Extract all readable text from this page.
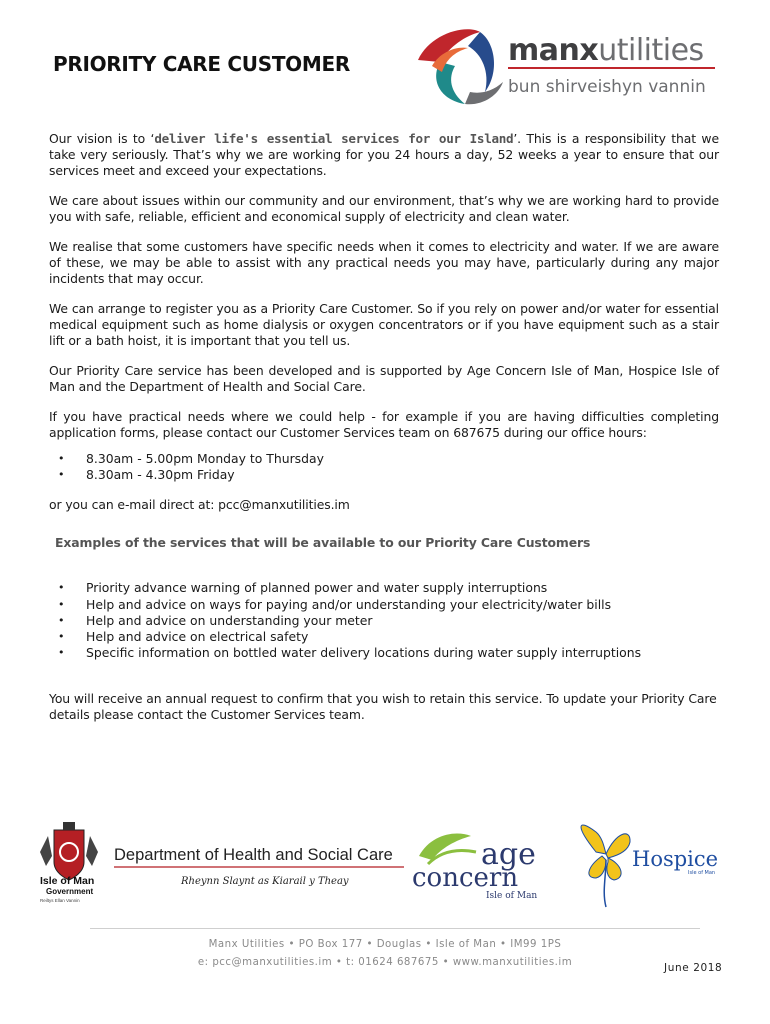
PRIORITY CARE CUSTOMER	manxutilities
bun shirveishyn vannin

Our vision is to ‘deliver life's essential services for our Island’. This is a responsibility that we take very seriously. That’s why we are working for you 24 hours a day, 52 weeks a year to ensure that our services meet and exceed your expectations.

We care about issues within our community and our environment, that’s why we are working hard to provide you with safe, reliable, efficient and economical supply of electricity and clean water.

We realise that some customers have specific needs when it comes to electricity and water. If we are aware of these, we may be able to assist with any practical needs you may have, particularly during any major incidents that may occur.

We can arrange to register you as a Priority Care Customer. So if you rely on power and/or water for essential medical equipment such as home dialysis or oxygen concentrators or if you have equipment such as a stair lift or a bath hoist, it is important that you tell us.

Our Priority Care service has been developed and is supported by Age Concern Isle of Man, Hospice Isle of Man and the Department of Health and Social Care.

If you have practical needs where we could help - for example if you are having difficulties completing application forms, please contact our Customer Services team on 687675 during our office hours:

• 8.30am - 5.00pm Monday to Thursday
• 8.30am - 4.30pm Friday

or you can e-mail direct at: pcc@manxutilities.im

Examples of the services that will be available to our Priority Care Customers
• Priority advance warning of planned power and water supply interruptions
• Help and advice on ways for paying and/or understanding your electricity/water bills
• Help and advice on understanding your meter
• Help and advice on electrical safety
• Specific information on bottled water delivery locations during water supply interruptions

You will receive an annual request to confirm that you wish to retain this service. To update your Priority Care details please contact the Customer Services team.

Isle of Man
Government
Reiltys Ellan Vannin
Department of Health and Social Care
Rheynn Slaynt as Kiarail y Theay
age
concern
Isle of Man
Hospice
Isle of Man
Manx Utilities • PO Box 177 • Douglas • Isle of Man • IM99 1PS
e: pcc@manxutilities.im • t: 01624 687675 • www.manxutilities.im	June 2018
